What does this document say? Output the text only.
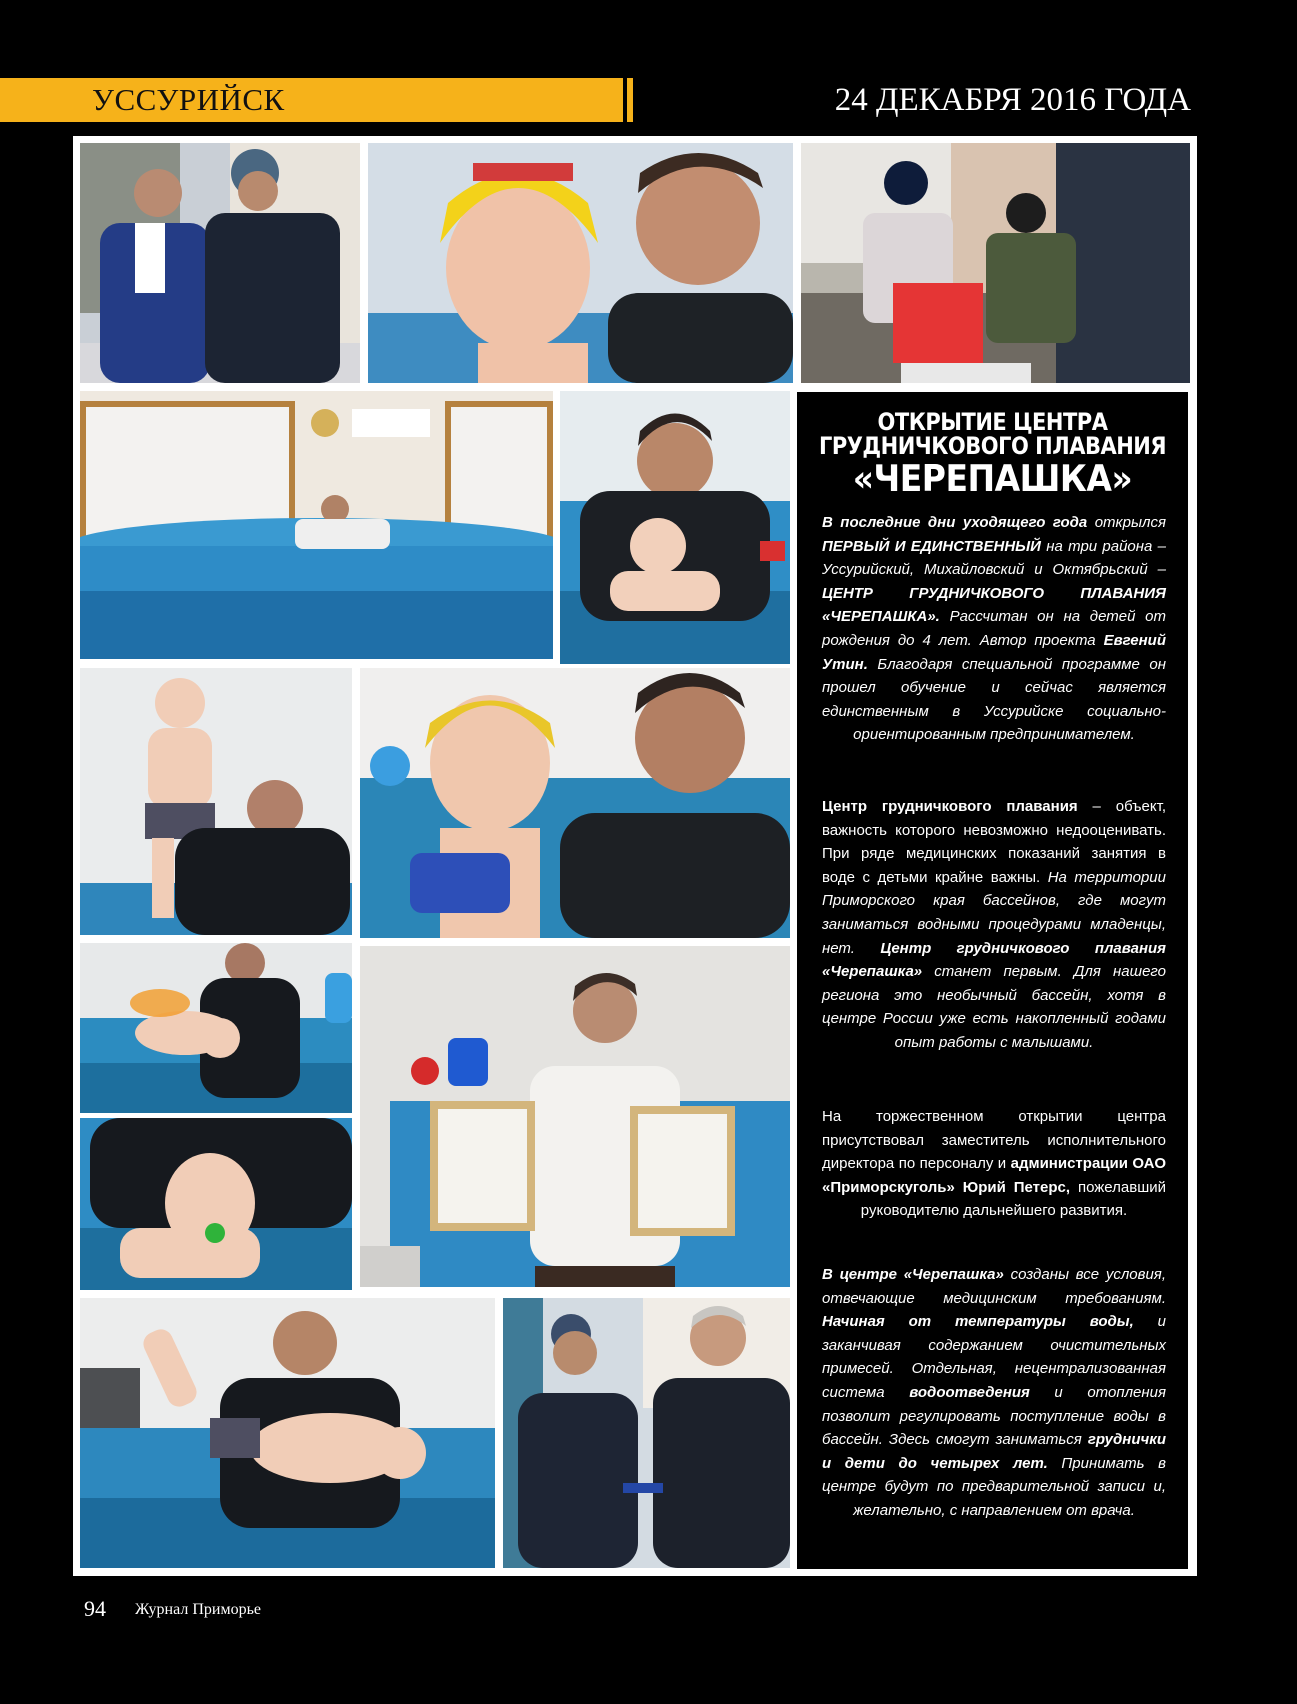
УССУРИЙСК	24 ДЕКАБРЯ 2016 ГОДА
ОТКРЫТИЕ ЦЕНТРА
ГРУДНИЧКОВОГО ПЛАВАНИЯ
«ЧЕРЕПАШКА»
В последние дни уходящего года открылся ПЕРВЫЙ И ЕДИНСТВЕННЫЙ на три района – Уссурийский, Михайловский и Октябрьский – ЦЕНТР ГРУДНИЧКОВОГО ПЛАВАНИЯ «ЧЕРЕПАШКА». Рассчитан он на детей от рождения до 4 лет. Автор проекта Евгений Утин. Благодаря специальной программе он прошел обучение и сейчас является единственным в Уссурийске социально-ориентированным предпринимателем.
Центр грудничкового плавания – объект, важность которого невозможно недооценивать. При ряде медицинских показаний занятия в воде с детьми крайне важны. На территории Приморского края бассейнов, где могут заниматься водными процедурами младенцы, нет. Центр грудничкового плавания «Черепашка» станет первым. Для нашего региона это необычный бассейн, хотя в центре России уже есть накопленный годами опыт работы с малышами.
На торжественном открытии центра присутствовал заместитель исполнительного директора по персоналу и администрации ОАО «Приморскуголь» Юрий Петерс, пожелавший руководителю дальнейшего развития.
В центре «Черепашка» созданы все условия, отвечающие медицинским требованиям. Начиная от температуры воды, и заканчивая содержанием очистительных примесей. Отдельная, нецентрализованная система водоотведения и отопления позволит регулировать поступление воды в бассейн. Здесь смогут заниматься груднички и дети до четырех лет. Принимать в центре будут по предварительной записи и, желательно, с направлением от врача.
94 Журнал Приморье
